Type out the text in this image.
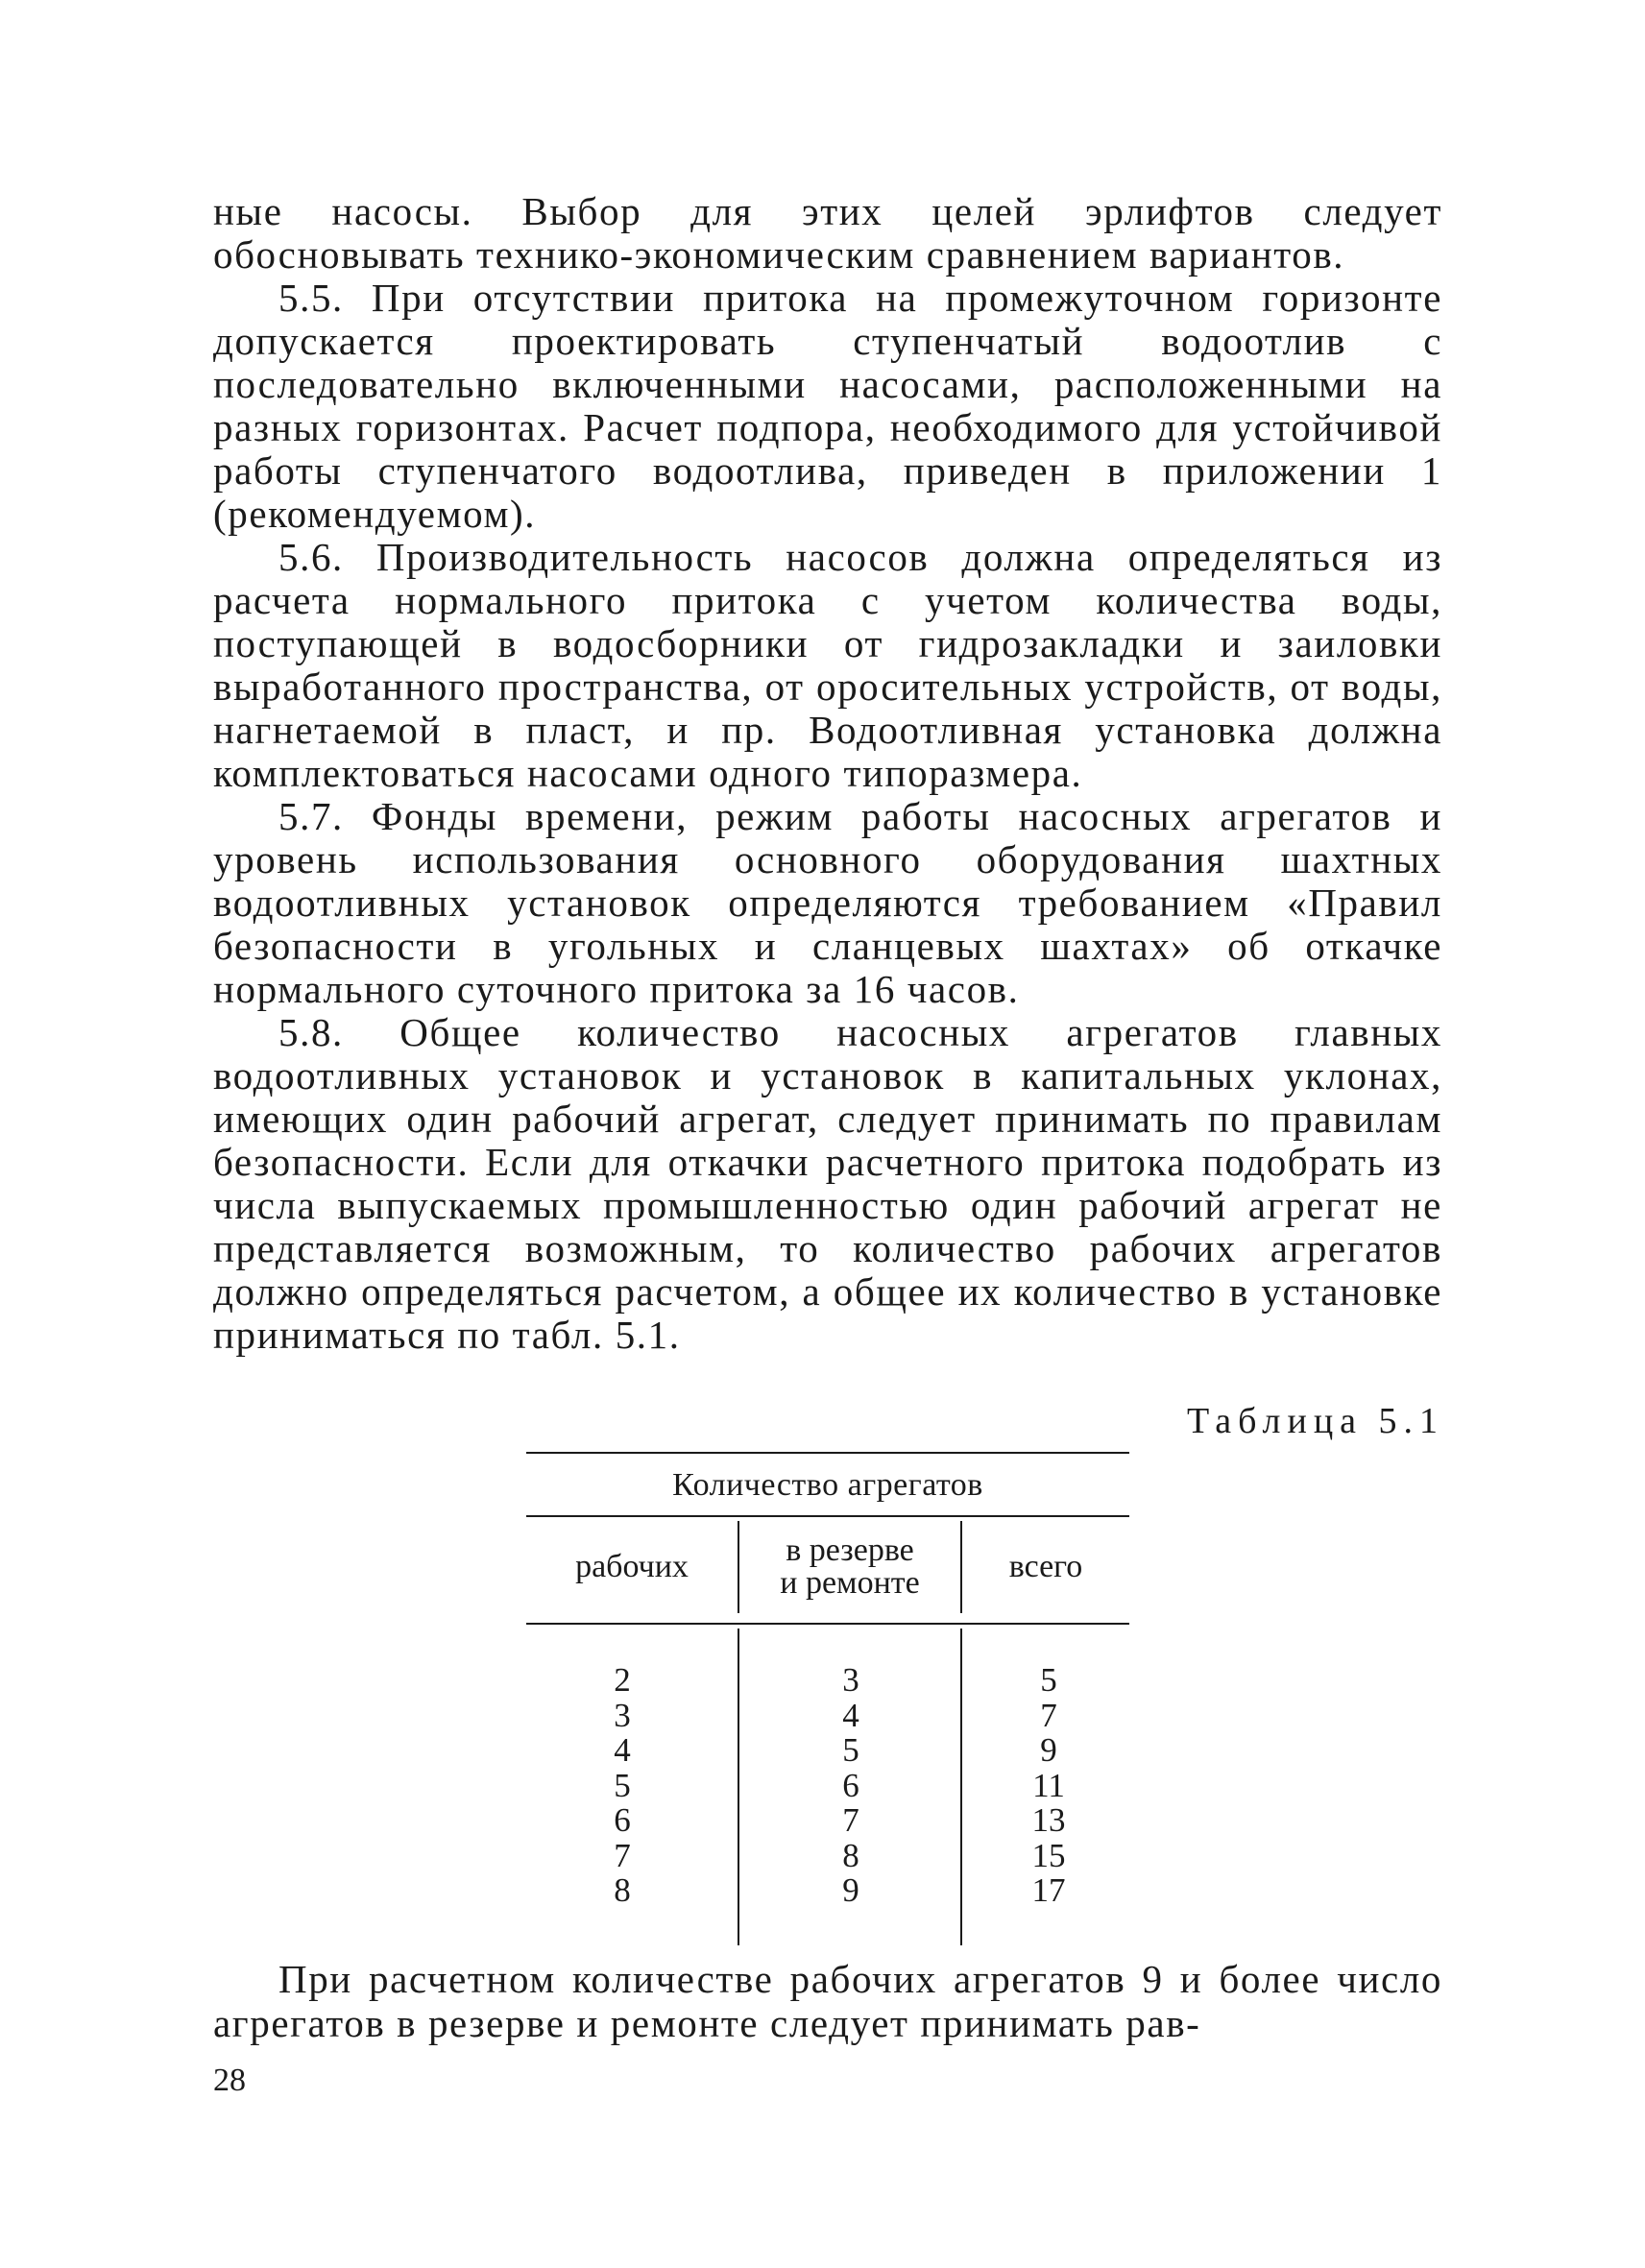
ные насосы. Выбор для этих целей эрлифтов следует обосновывать технико-экономическим сравнением вариантов.

5.5. При отсутствии притока на промежуточном горизонте допускается проектировать ступенчатый водоотлив с последовательно включенными насосами, расположенными на разных горизонтах. Расчет подпора, необходимого для устойчивой работы ступенчатого водоотлива, приведен в приложении 1 (рекомендуемом).

5.6. Производительность насосов должна определяться из расчета нормального притока с учетом количества воды, поступающей в водосборники от гидрозакладки и заиловки выработанного пространства, от оросительных устройств, от воды, нагнетаемой в пласт, и пр. Водоотливная установка должна комплектоваться насосами одного типоразмера.

5.7. Фонды времени, режим работы насосных агрегатов и уровень использования основного оборудования шахтных водоотливных установок определяются требованием «Правил безопасности в угольных и сланцевых шахтах» об откачке нормального суточного притока за 16 часов.

5.8. Общее количество насосных агрегатов главных водоотливных установок и установок в капитальных уклонах, имеющих один рабочий агрегат, следует принимать по правилам безопасности. Если для откачки расчетного притока подобрать из числа выпускаемых промышленностью один рабочий агрегат не представляется возможным, то количество рабочих агрегатов должно определяться расчетом, а общее их количество в установке приниматься по табл. 5.1.

Таблица 5.1
Количество агрегатов
рабочих	в резерве
и ремонте	всего
2
3
4
5
6
7
8
3
4
5
6
7
8
9
5
7
9
11
13
15
17

При расчетном количестве рабочих агрегатов 9 и более число агрегатов в резерве и ремонте следует принимать рав-

28
